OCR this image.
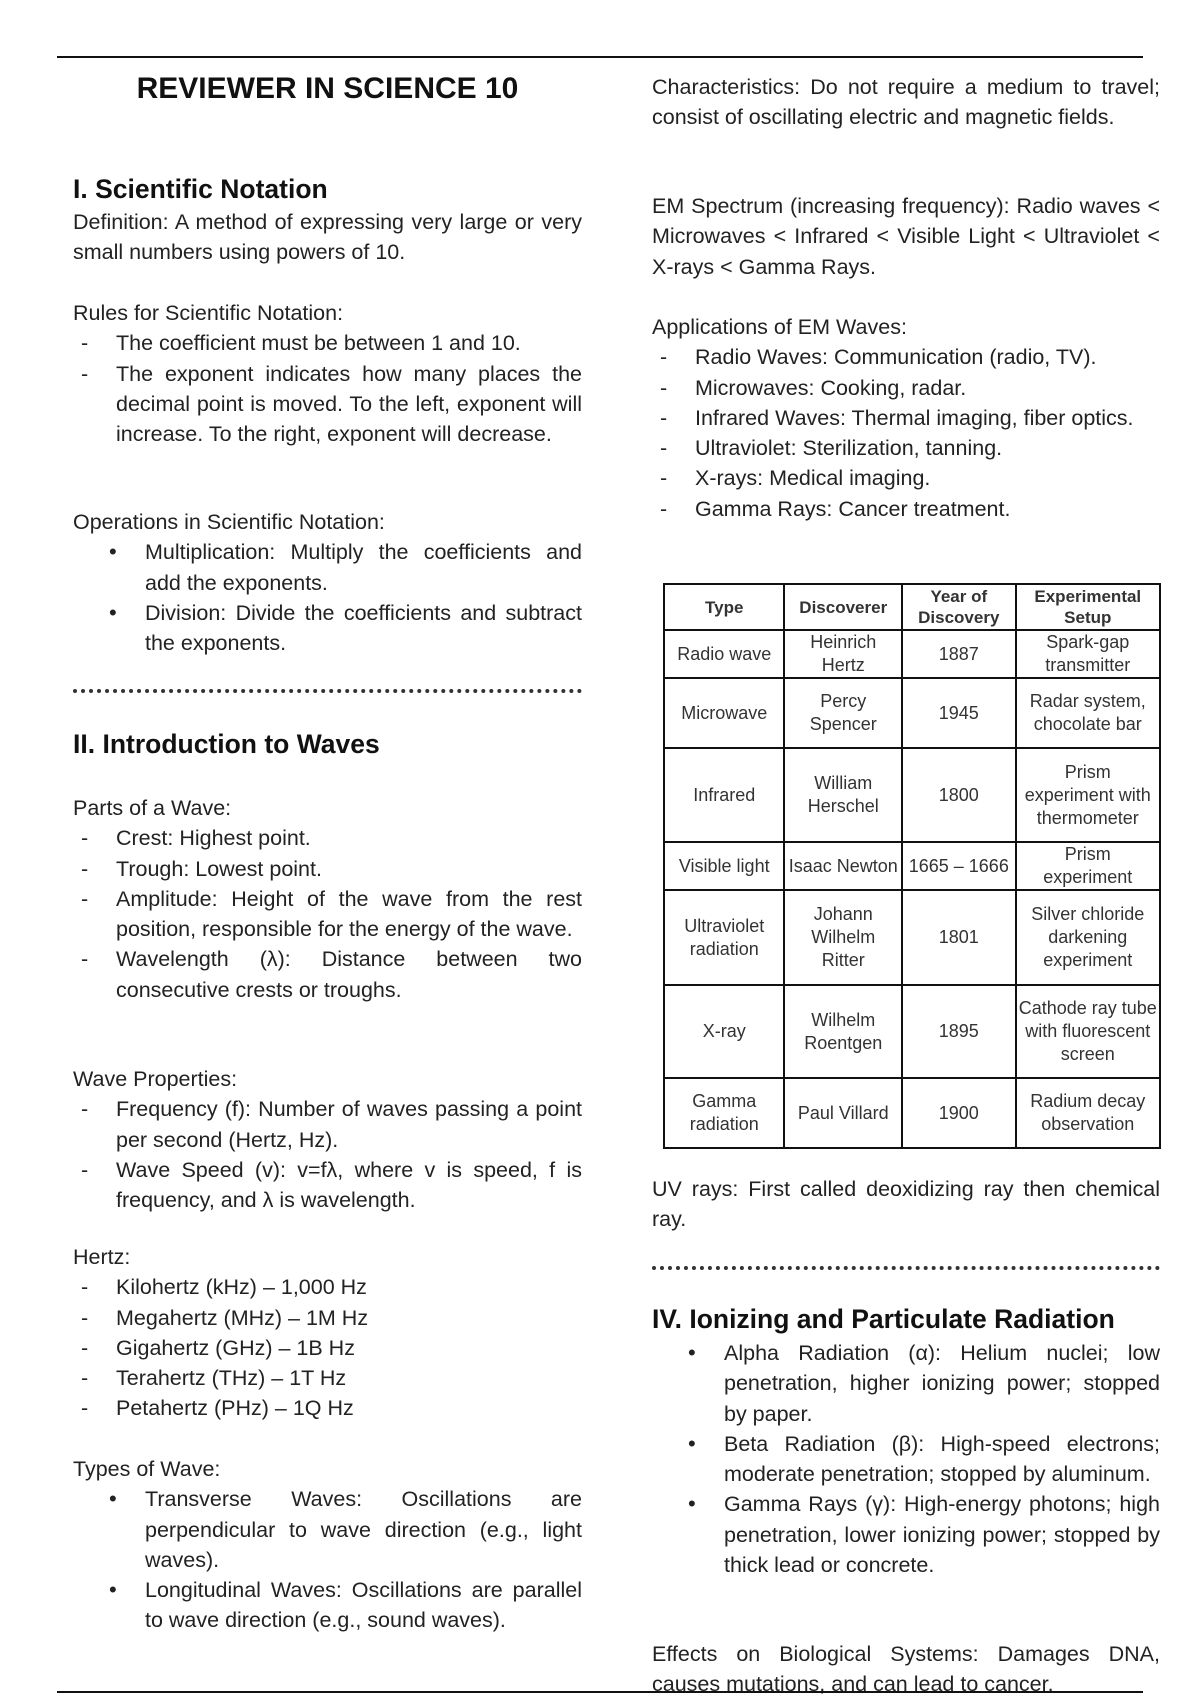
REVIEWER IN SCIENCE 10
I. Scientific Notation
Definition: A method of expressing very large or very small numbers using powers of 10.

Rules for Scientific Notation:

- The coefficient must be between 1 and 10.
- The exponent indicates how many places the decimal point is moved. To the left, exponent will increase. To the right, exponent will decrease.

Operations in Scientific Notation:

• Multiplication: Multiply the coefficients and add the exponents.
• Division: Divide the coefficients and subtract the exponents.
II. Introduction to Waves

Parts of a Wave:

- Crest: Highest point.
- Trough: Lowest point.
- Amplitude: Height of the wave from the rest position, responsible for the energy of the wave.
- Wavelength (λ): Distance between two consecutive crests or troughs.

Wave Properties:

- Frequency (f): Number of waves passing a point per second (Hertz, Hz).
- Wave Speed (v): v=fλ, where v is speed, f is frequency, and λ is wavelength.

Hertz:

- Kilohertz (kHz) – 1,000 Hz
- Megahertz (MHz) – 1M Hz
- Gigahertz (GHz) – 1B Hz
- Terahertz (THz) – 1T Hz
- Petahertz (PHz) – 1Q Hz

Types of Wave:

• Transverse Waves: Oscillations are perpendicular to wave direction (e.g., light waves).
• Longitudinal Waves: Oscillations are parallel to wave direction (e.g., sound waves).
Characteristics: Do not require a medium to travel; consist of oscillating electric and magnetic fields.
EM Spectrum (increasing frequency): Radio waves < Microwaves < Infrared < Visible Light < Ultraviolet < X-rays < Gamma Rays.

Applications of EM Waves:

- Radio Waves: Communication (radio, TV).
- Microwaves: Cooking, radar.
- Infrared Waves: Thermal imaging, fiber optics.
- Ultraviolet: Sterilization, tanning.
- X-rays: Medical imaging.
- Gamma Rays: Cancer treatment.
Type	Discoverer	Year of Discovery	Experimental Setup
Radio wave	Heinrich Hertz	1887	Spark-gap transmitter
Microwave	Percy Spencer	1945	Radar system, chocolate bar
Infrared	William Herschel	1800	Prism experiment with thermometer
Visible light	Isaac Newton	1665 – 1666	Prism experiment
Ultraviolet radiation	Johann Wilhelm Ritter	1801	Silver chloride darkening experiment
X-ray	Wilhelm Roentgen	1895	Cathode ray tube with fluorescent screen
Gamma radiation	Paul Villard	1900	Radium decay observation
UV rays: First called deoxidizing ray then chemical ray.
IV. Ionizing and Particulate Radiation
• Alpha Radiation (α): Helium nuclei; low penetration, higher ionizing power; stopped by paper.
• Beta Radiation (β): High-speed electrons; moderate penetration; stopped by aluminum.
• Gamma Rays (γ): High-energy photons; high penetration, lower ionizing power; stopped by thick lead or concrete.
Effects on Biological Systems: Damages DNA, causes mutations, and can lead to cancer.
